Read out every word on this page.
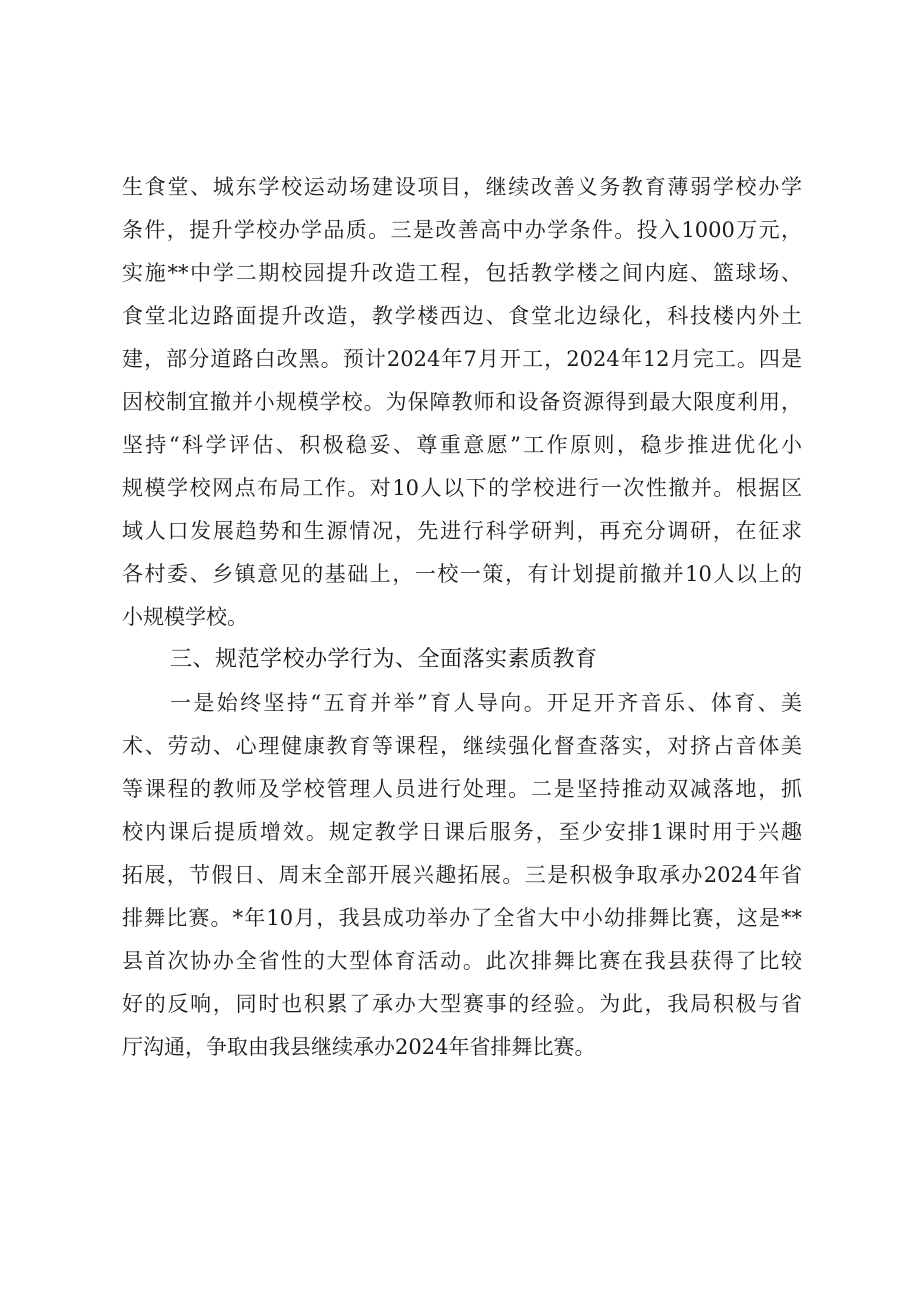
生食堂、城东学校运动场建设项目，继续改善义务教育薄弱学校办学
条件，提升学校办学品质。三是改善高中办学条件。投入1000万元，
实施**中学二期校园提升改造工程，包括教学楼之间内庭、篮球场、
食堂北边路面提升改造，教学楼西边、食堂北边绿化，科技楼内外土
建，部分道路白改黑。预计2024年7月开工，2024年12月完工。四是
因校制宜撤并小规模学校。为保障教师和设备资源得到最大限度利用，
坚持“科学评估、积极稳妥、尊重意愿”工作原则，稳步推进优化小
规模学校网点布局工作。对10人以下的学校进行一次性撤并。根据区
域人口发展趋势和生源情况，先进行科学研判，再充分调研，在征求
各村委、乡镇意见的基础上，一校一策，有计划提前撤并10人以上的
小规模学校。
三、规范学校办学行为、全面落实素质教育
一是始终坚持“五育并举”育人导向。开足开齐音乐、体育、美
术、劳动、心理健康教育等课程，继续强化督查落实，对挤占音体美
等课程的教师及学校管理人员进行处理。二是坚持推动双减落地，抓
校内课后提质增效。规定教学日课后服务，至少安排1课时用于兴趣
拓展，节假日、周末全部开展兴趣拓展。三是积极争取承办2024年省
排舞比赛。*年10月，我县成功举办了全省大中小幼排舞比赛，这是**
县首次协办全省性的大型体育活动。此次排舞比赛在我县获得了比较
好的反响，同时也积累了承办大型赛事的经验。为此，我局积极与省
厅沟通，争取由我县继续承办2024年省排舞比赛。
